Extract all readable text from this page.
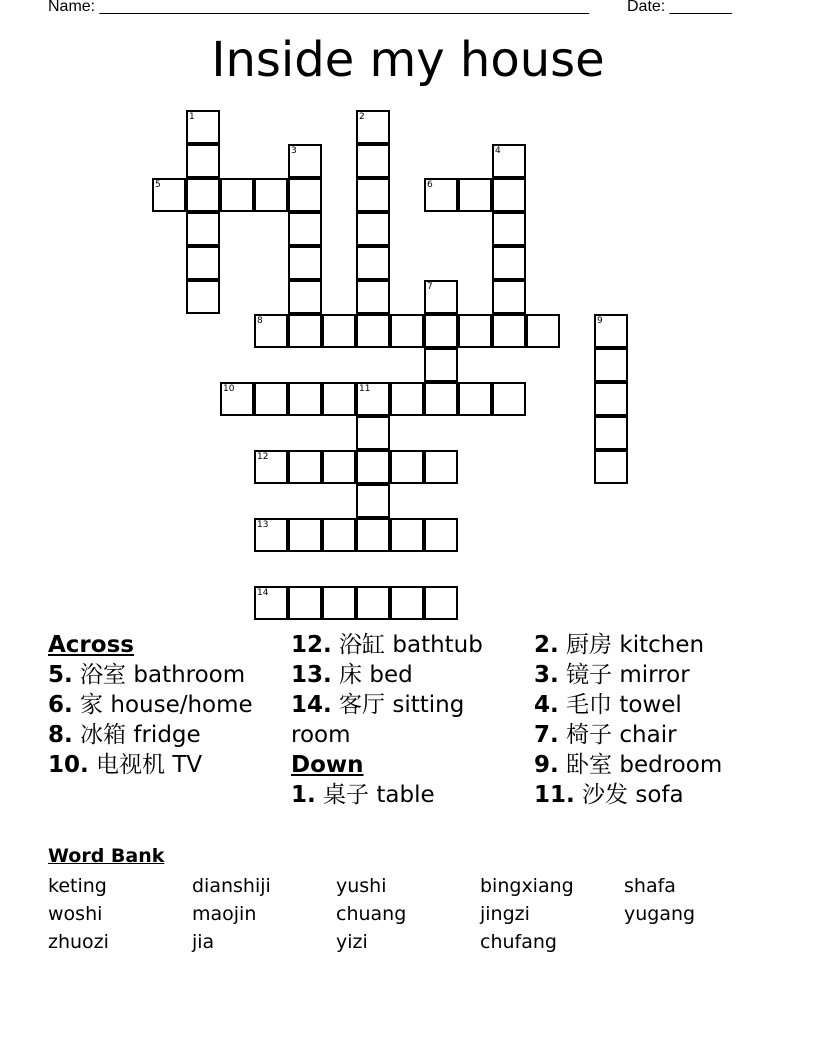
Name: _______________________________________________________ Date: _______
Inside my house
1	2
3	4
5	6
7
8	9
10	11
12
13
14
Across
5. 浴室 bathroom
6. 家 house/home
8. 冰箱 fridge
10. 电视机 TV
12. 浴缸 bathtub
13. 床 bed
14. 客厅 sitting room
Down
1. 桌子 table
2. 厨房 kitchen
3. 镜子 mirror
4. 毛巾 towel
7. 椅子 chair
9. 卧室 bedroom
11. 沙发 sofa
Word Bank
keting	dianshiji	yushi	bingxiang	shafa
woshi	maojin	chuang	jingzi	yugang
zhuozi	jia	yizi	chufang
